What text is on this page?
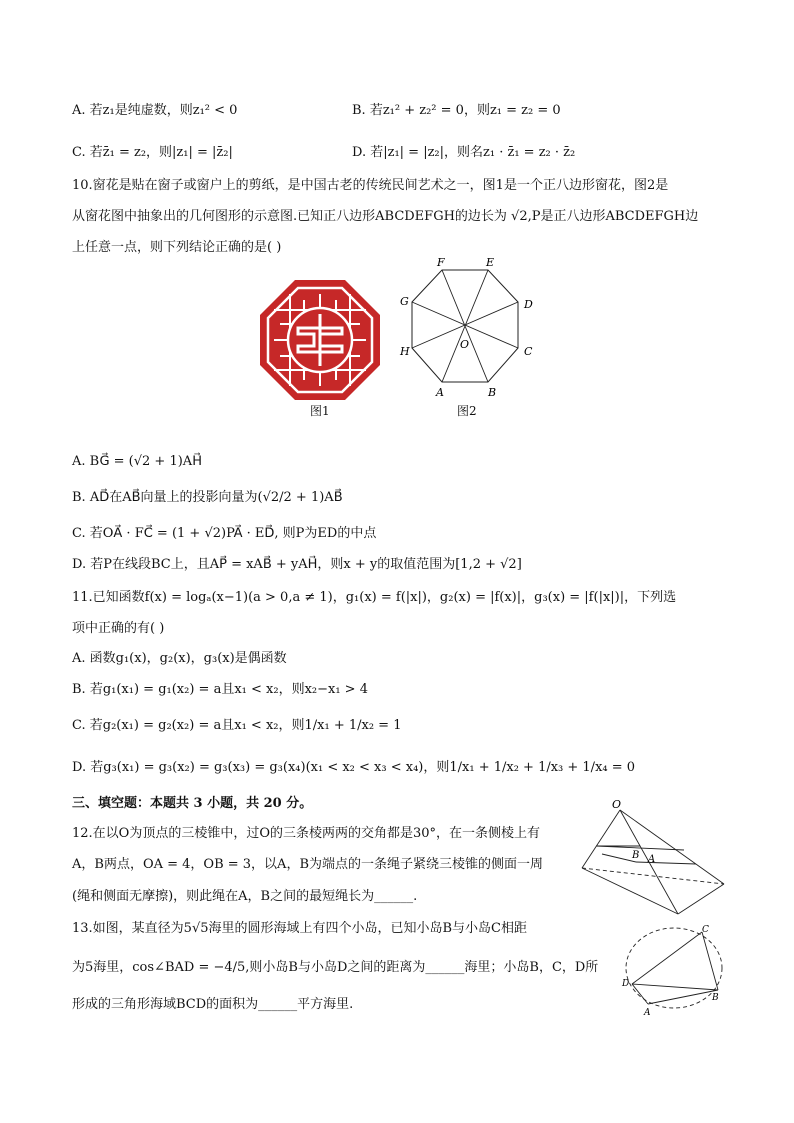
A. 若z₁是纯虚数，则z₁² < 0	B. 若z₁² + z₂² = 0，则z₁ = z₂ = 0
C. 若z̄₁ = z₂，则|z₁| = |z̄₂|	D. 若|z₁| = |z₂|，则名z₁ · z̄₁ = z₂ · z̄₂
10.窗花是贴在窗子或窗户上的剪纸，是中国古老的传统民间艺术之一，图1是一个正八边形窗花，图2是
从窗花图中抽象出的几何图形的示意图.已知正八边形ABCDEFGH的边长为 √2,P是正八边形ABCDEFGH边
上任意一点，则下列结论正确的是( )
图1
F	E
G	D
H	C
A	B
O
图2
A. BG⃗ = (√2 + 1)AH⃗
B. AD⃗在AB⃗向量上的投影向量为(√2/2 + 1)AB⃗
C. 若OA⃗ · FC⃗ = (1 + √2)PA⃗ · ED⃗, 则P为ED的中点
D. 若P在线段BC上，且AP⃗ = xAB⃗ + yAH⃗，则x + y的取值范围为[1,2 + √2]
11.已知函数f(x) = logₐ(x−1)(a > 0,a ≠ 1)，g₁(x) = f(|x|)，g₂(x) = |f(x)|，g₃(x) = |f(|x|)|，下列选
项中正确的有( )
A. 函数g₁(x)，g₂(x)，g₃(x)是偶函数
B. 若g₁(x₁) = g₁(x₂) = a且x₁ < x₂，则x₂−x₁ > 4
C. 若g₂(x₁) = g₂(x₂) = a且x₁ < x₂，则1/x₁ + 1/x₂ = 1
D. 若g₃(x₁) = g₃(x₂) = g₃(x₃) = g₃(x₄)(x₁ < x₂ < x₃ < x₄)，则1/x₁ + 1/x₂ + 1/x₃ + 1/x₄ = 0
三、填空题：本题共 3 小题，共 20 分。
12.在以O为顶点的三棱锥中，过O的三条棱两两的交角都是30°，在一条侧棱上有
A，B两点，OA = 4，OB = 3，以A，B为端点的一条绳子紧绕三棱锥的侧面一周
(绳和侧面无摩擦)，则此绳在A，B之间的最短绳长为______.
O
B A
13.如图，某直径为5√5海里的圆形海域上有四个小岛，已知小岛B与小岛C相距
为5海里，cos∠BAD = −4/5,则小岛B与小岛D之间的距离为______海里；小岛B，C，D所
形成的三角形海域BCD的面积为______平方海里.
C
D
B
A
